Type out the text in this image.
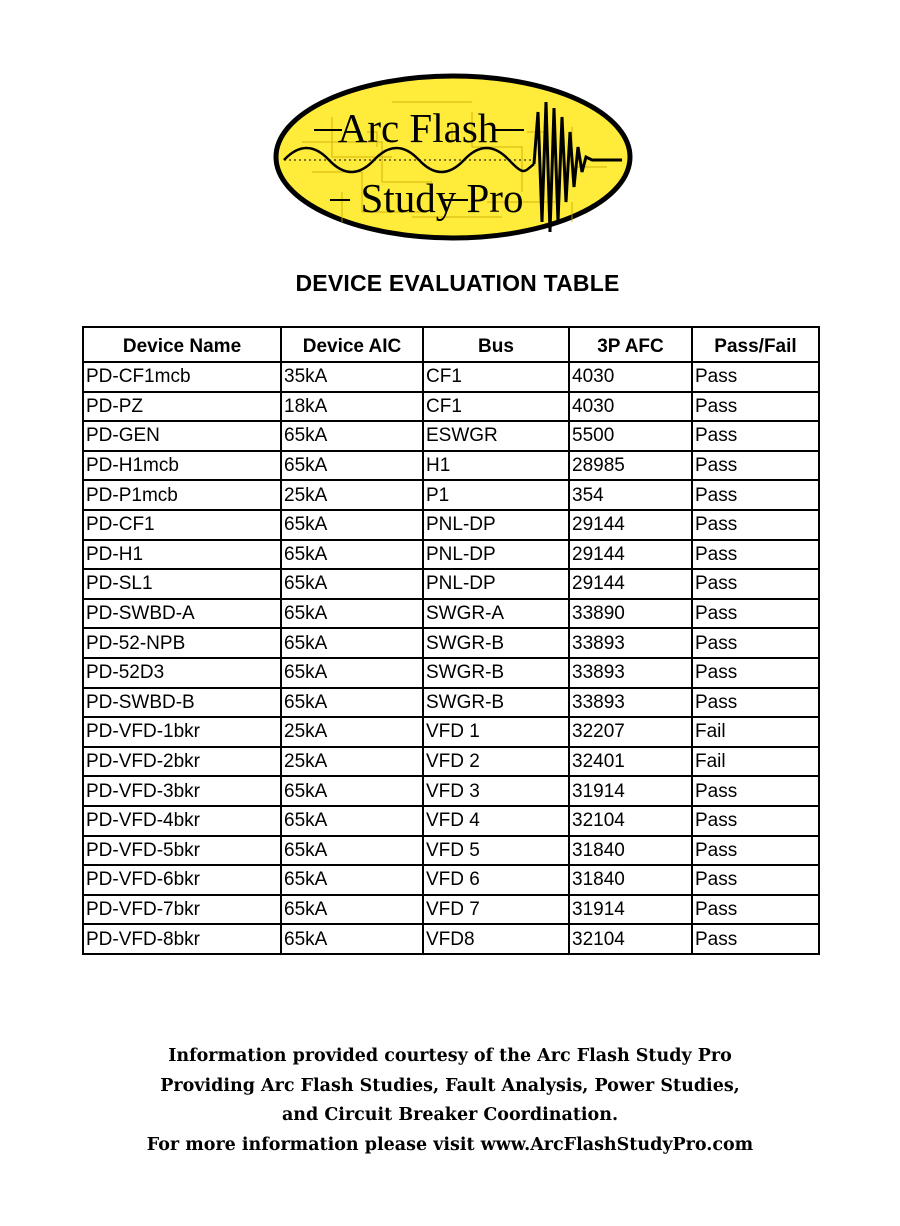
Arc Flash
Study Pro
DEVICE EVALUATION TABLE
Device Name	Device AIC	Bus	3P AFC	Pass/Fail
PD-CF1mcb	35kA	CF1	4030	Pass
PD-PZ	18kA	CF1	4030	Pass
PD-GEN	65kA	ESWGR	5500	Pass
PD-H1mcb	65kA	H1	28985	Pass
PD-P1mcb	25kA	P1	354	Pass
PD-CF1	65kA	PNL-DP	29144	Pass
PD-H1	65kA	PNL-DP	29144	Pass
PD-SL1	65kA	PNL-DP	29144	Pass
PD-SWBD-A	65kA	SWGR-A	33890	Pass
PD-52-NPB	65kA	SWGR-B	33893	Pass
PD-52D3	65kA	SWGR-B	33893	Pass
PD-SWBD-B	65kA	SWGR-B	33893	Pass
PD-VFD-1bkr	25kA	VFD 1	32207	Fail
PD-VFD-2bkr	25kA	VFD 2	32401	Fail
PD-VFD-3bkr	65kA	VFD 3	31914	Pass
PD-VFD-4bkr	65kA	VFD 4	32104	Pass
PD-VFD-5bkr	65kA	VFD 5	31840	Pass
PD-VFD-6bkr	65kA	VFD 6	31840	Pass
PD-VFD-7bkr	65kA	VFD 7	31914	Pass
PD-VFD-8bkr	65kA	VFD8	32104	Pass
Information provided courtesy of the Arc Flash Study Pro
Providing Arc Flash Studies, Fault Analysis, Power Studies,
and Circuit Breaker Coordination.
For more information please visit www.ArcFlashStudyPro.com
